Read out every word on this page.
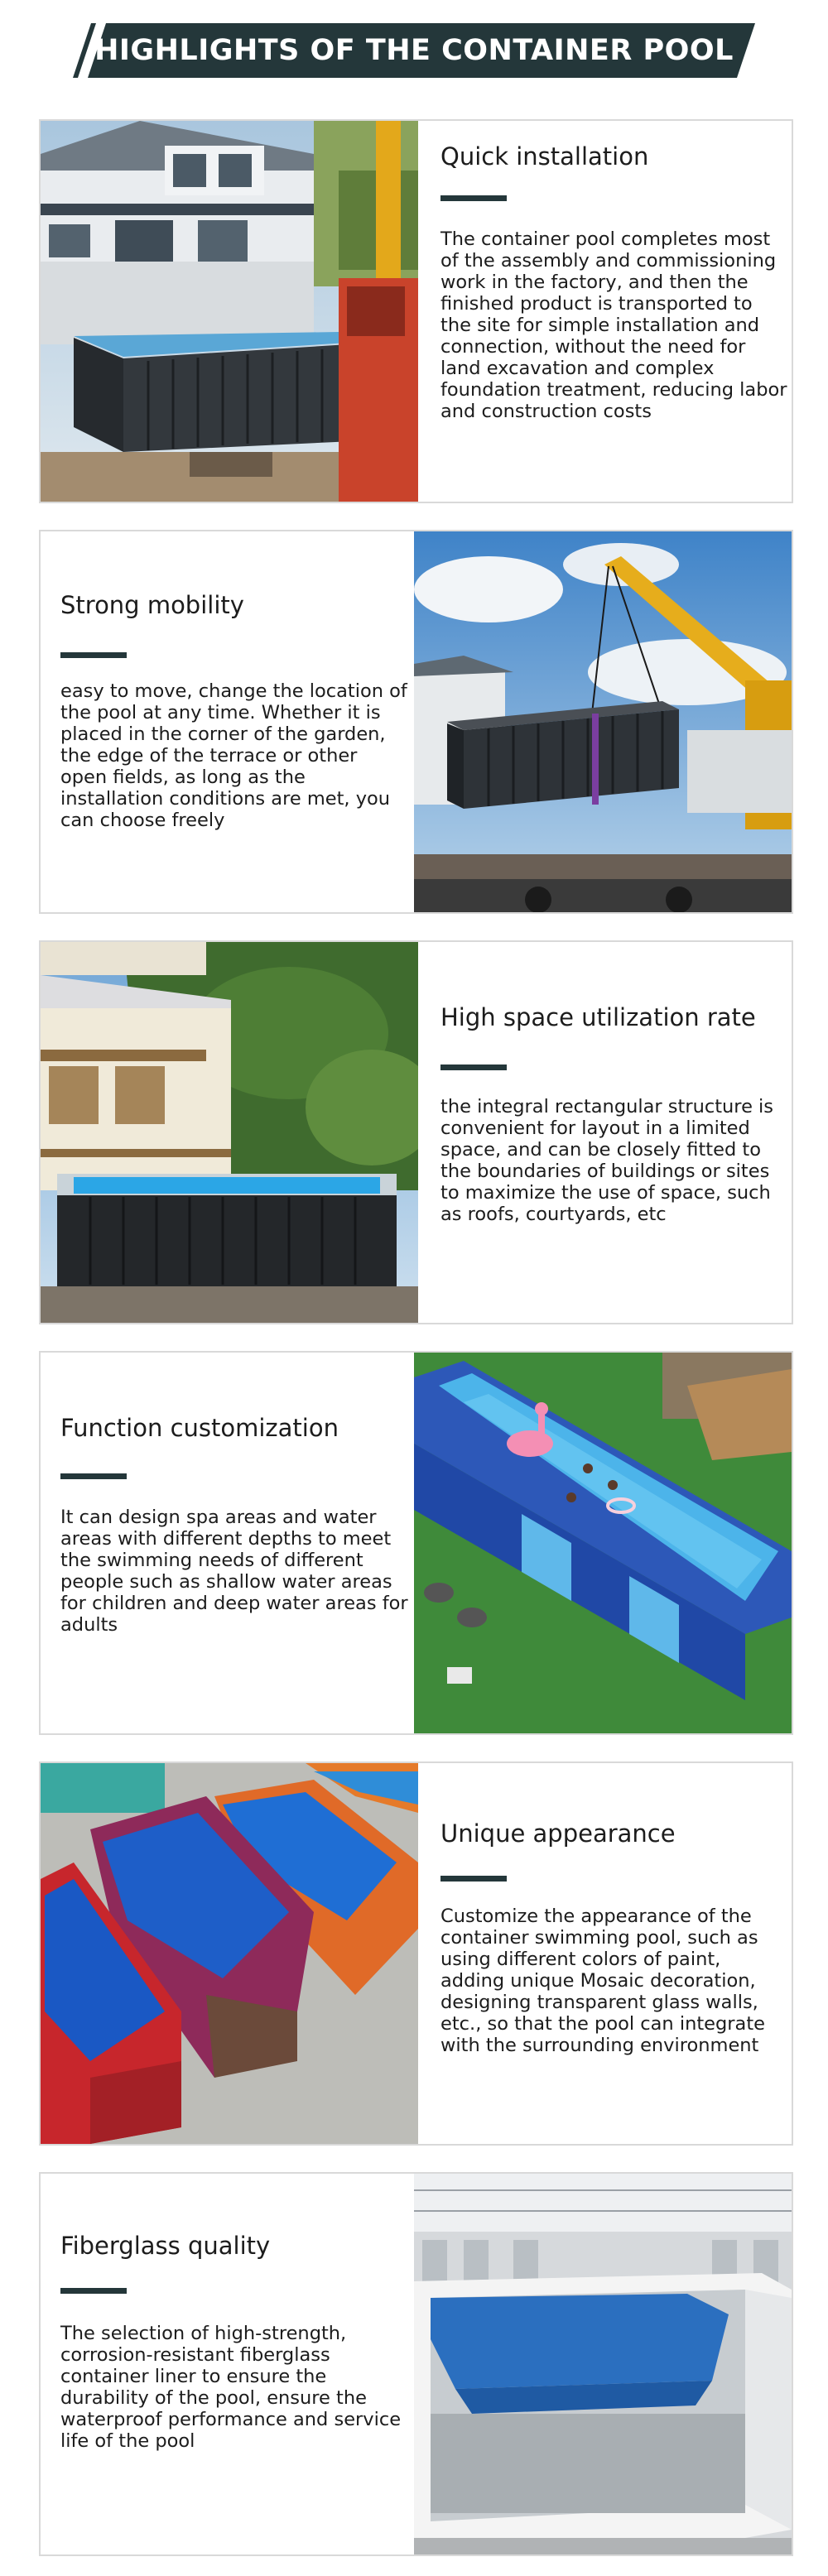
HIGHLIGHTS OF THE CONTAINER POOL
Quick installation
The container pool completes most of the assembly and commissioning work in the factory, and then the finished product is transported to the site for simple installation and connection, without the need for land excavation and complex foundation treatment, reducing labor and construction costs
Strong mobility
easy to move, change the location of the pool at any time. Whether it is placed in the corner of the garden, the edge of the terrace or other open fields, as long as the installation conditions are met, you can choose freely
High space utilization rate
the integral rectangular structure is convenient for layout in a limited space, and can be closely fitted to the boundaries of buildings or sites to maximize the use of space, such as roofs, courtyards, etc
Function customization
It can design spa areas and water areas with different depths to meet the swimming needs of different people such as shallow water areas for children and deep water areas for adults
Unique appearance
Customize the appearance of the container swimming pool, such as using different colors of paint, adding unique Mosaic decoration, designing transparent glass walls, etc., so that the pool can integrate with the surrounding environment
Fiberglass quality
The selection of high-strength, corrosion-resistant fiberglass container liner to ensure the durability of the pool, ensure the waterproof performance and service life of the pool
